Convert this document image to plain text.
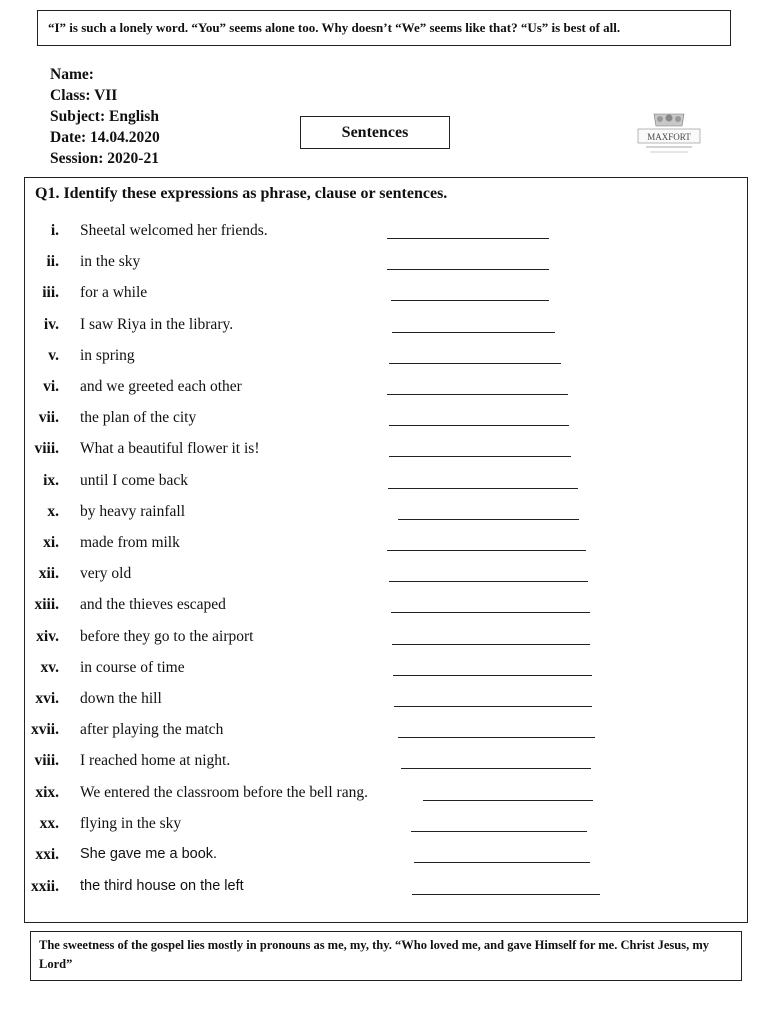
“I” is such a lonely word. “You” seems alone too. Why doesn’t “We” seems like that? “Us” is best of all.
Name:
Class: VII
Subject: English
Date: 14.04.2020
Session: 2020-21
Sentences	MAXFORT
Q1. Identify these expressions as phrase, clause or sentences.
i. Sheetal welcomed her friends.
ii. in the sky
iii. for a while
iv. I saw Riya in the library.
v. in spring
vi. and we greeted each other
vii. the plan of the city
viii. What a beautiful flower it is!
ix. until I come back
x. by heavy rainfall
xi. made from milk
xii. very old
xiii. and the thieves escaped
xiv. before they go to the airport
xv. in course of time
xvi. down the hill
xvii. after playing the match
viii. I reached home at night.
xix. We entered the classroom before the bell rang.
xx. flying in the sky
xxi. She gave me a book.
xxii. the third house on the left
The sweetness of the gospel lies mostly in pronouns as me, my, thy. “Who loved me, and gave Himself for me. Christ Jesus, my Lord”
